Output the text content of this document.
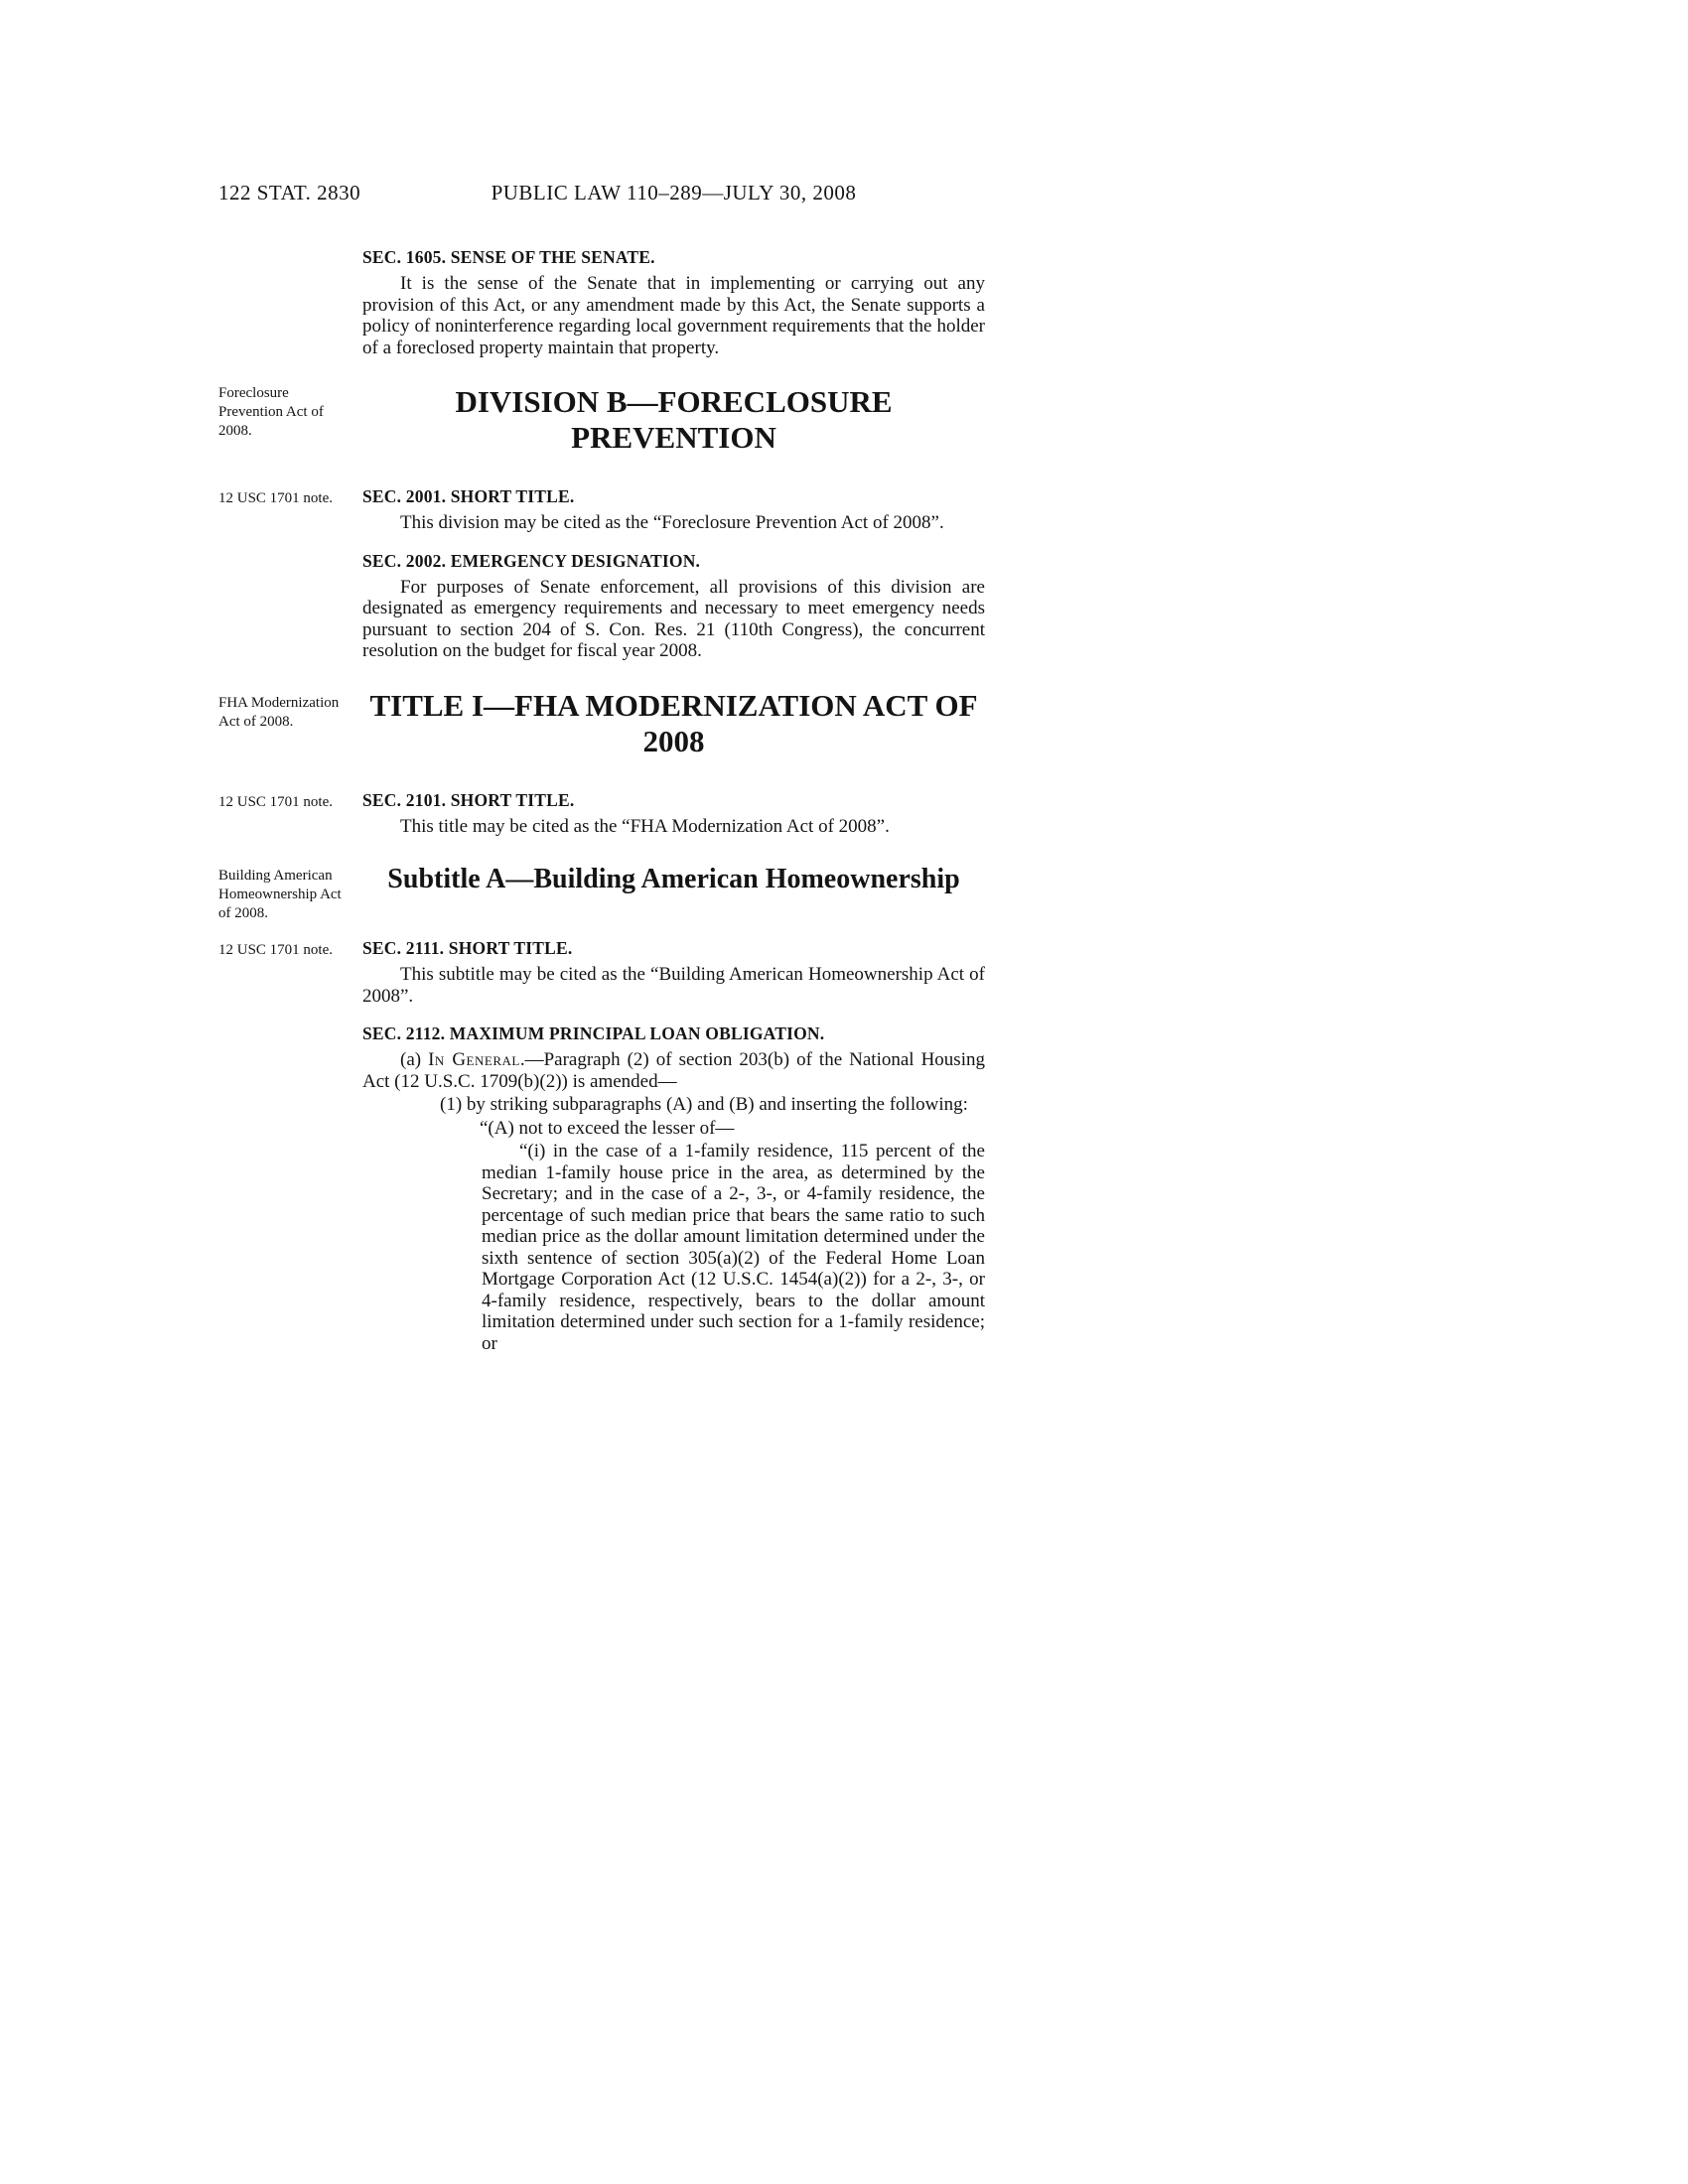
122 STAT. 2830	PUBLIC LAW 110–289—JULY 30, 2008
SEC. 1605. SENSE OF THE SENATE.

It is the sense of the Senate that in implementing or carrying out any provision of this Act, or any amendment made by this Act, the Senate supports a policy of noninterference regarding local government requirements that the holder of a foreclosed property maintain that property.

Foreclosure Prevention Act of 2008.
DIVISION B—FORECLOSURE PREVENTION
12 USC 1701 note.	SEC. 2001. SHORT TITLE.

This division may be cited as the “Foreclosure Prevention Act of 2008”.

SEC. 2002. EMERGENCY DESIGNATION.

For purposes of Senate enforcement, all provisions of this division are designated as emergency requirements and necessary to meet emergency needs pursuant to section 204 of S. Con. Res. 21 (110th Congress), the concurrent resolution on the budget for fiscal year 2008.

FHA Modernization Act of 2008.	TITLE I—FHA MODERNIZATION ACT OF 2008
12 USC 1701 note.	SEC. 2101. SHORT TITLE.

This title may be cited as the “FHA Modernization Act of 2008”.

Building American Homeownership Act of 2008.
Subtitle A—Building American Homeownership
12 USC 1701 note.	SEC. 2111. SHORT TITLE.

This subtitle may be cited as the “Building American Homeownership Act of 2008”.

SEC. 2112. MAXIMUM PRINCIPAL LOAN OBLIGATION.

(a) In General.—Paragraph (2) of section 203(b) of the National Housing Act (12 U.S.C. 1709(b)(2)) is amended—

(1) by striking subparagraphs (A) and (B) and inserting the following:

“(A) not to exceed the lesser of—

“(i) in the case of a 1-family residence, 115 percent of the median 1-family house price in the area, as determined by the Secretary; and in the case of a 2-, 3-, or 4-family residence, the percentage of such median price that bears the same ratio to such median price as the dollar amount limitation determined under the sixth sentence of section 305(a)(2) of the Federal Home Loan Mortgage Corporation Act (12 U.S.C. 1454(a)(2)) for a 2-, 3-, or 4-family residence, respectively, bears to the dollar amount limitation determined under such section for a 1-family residence; or
